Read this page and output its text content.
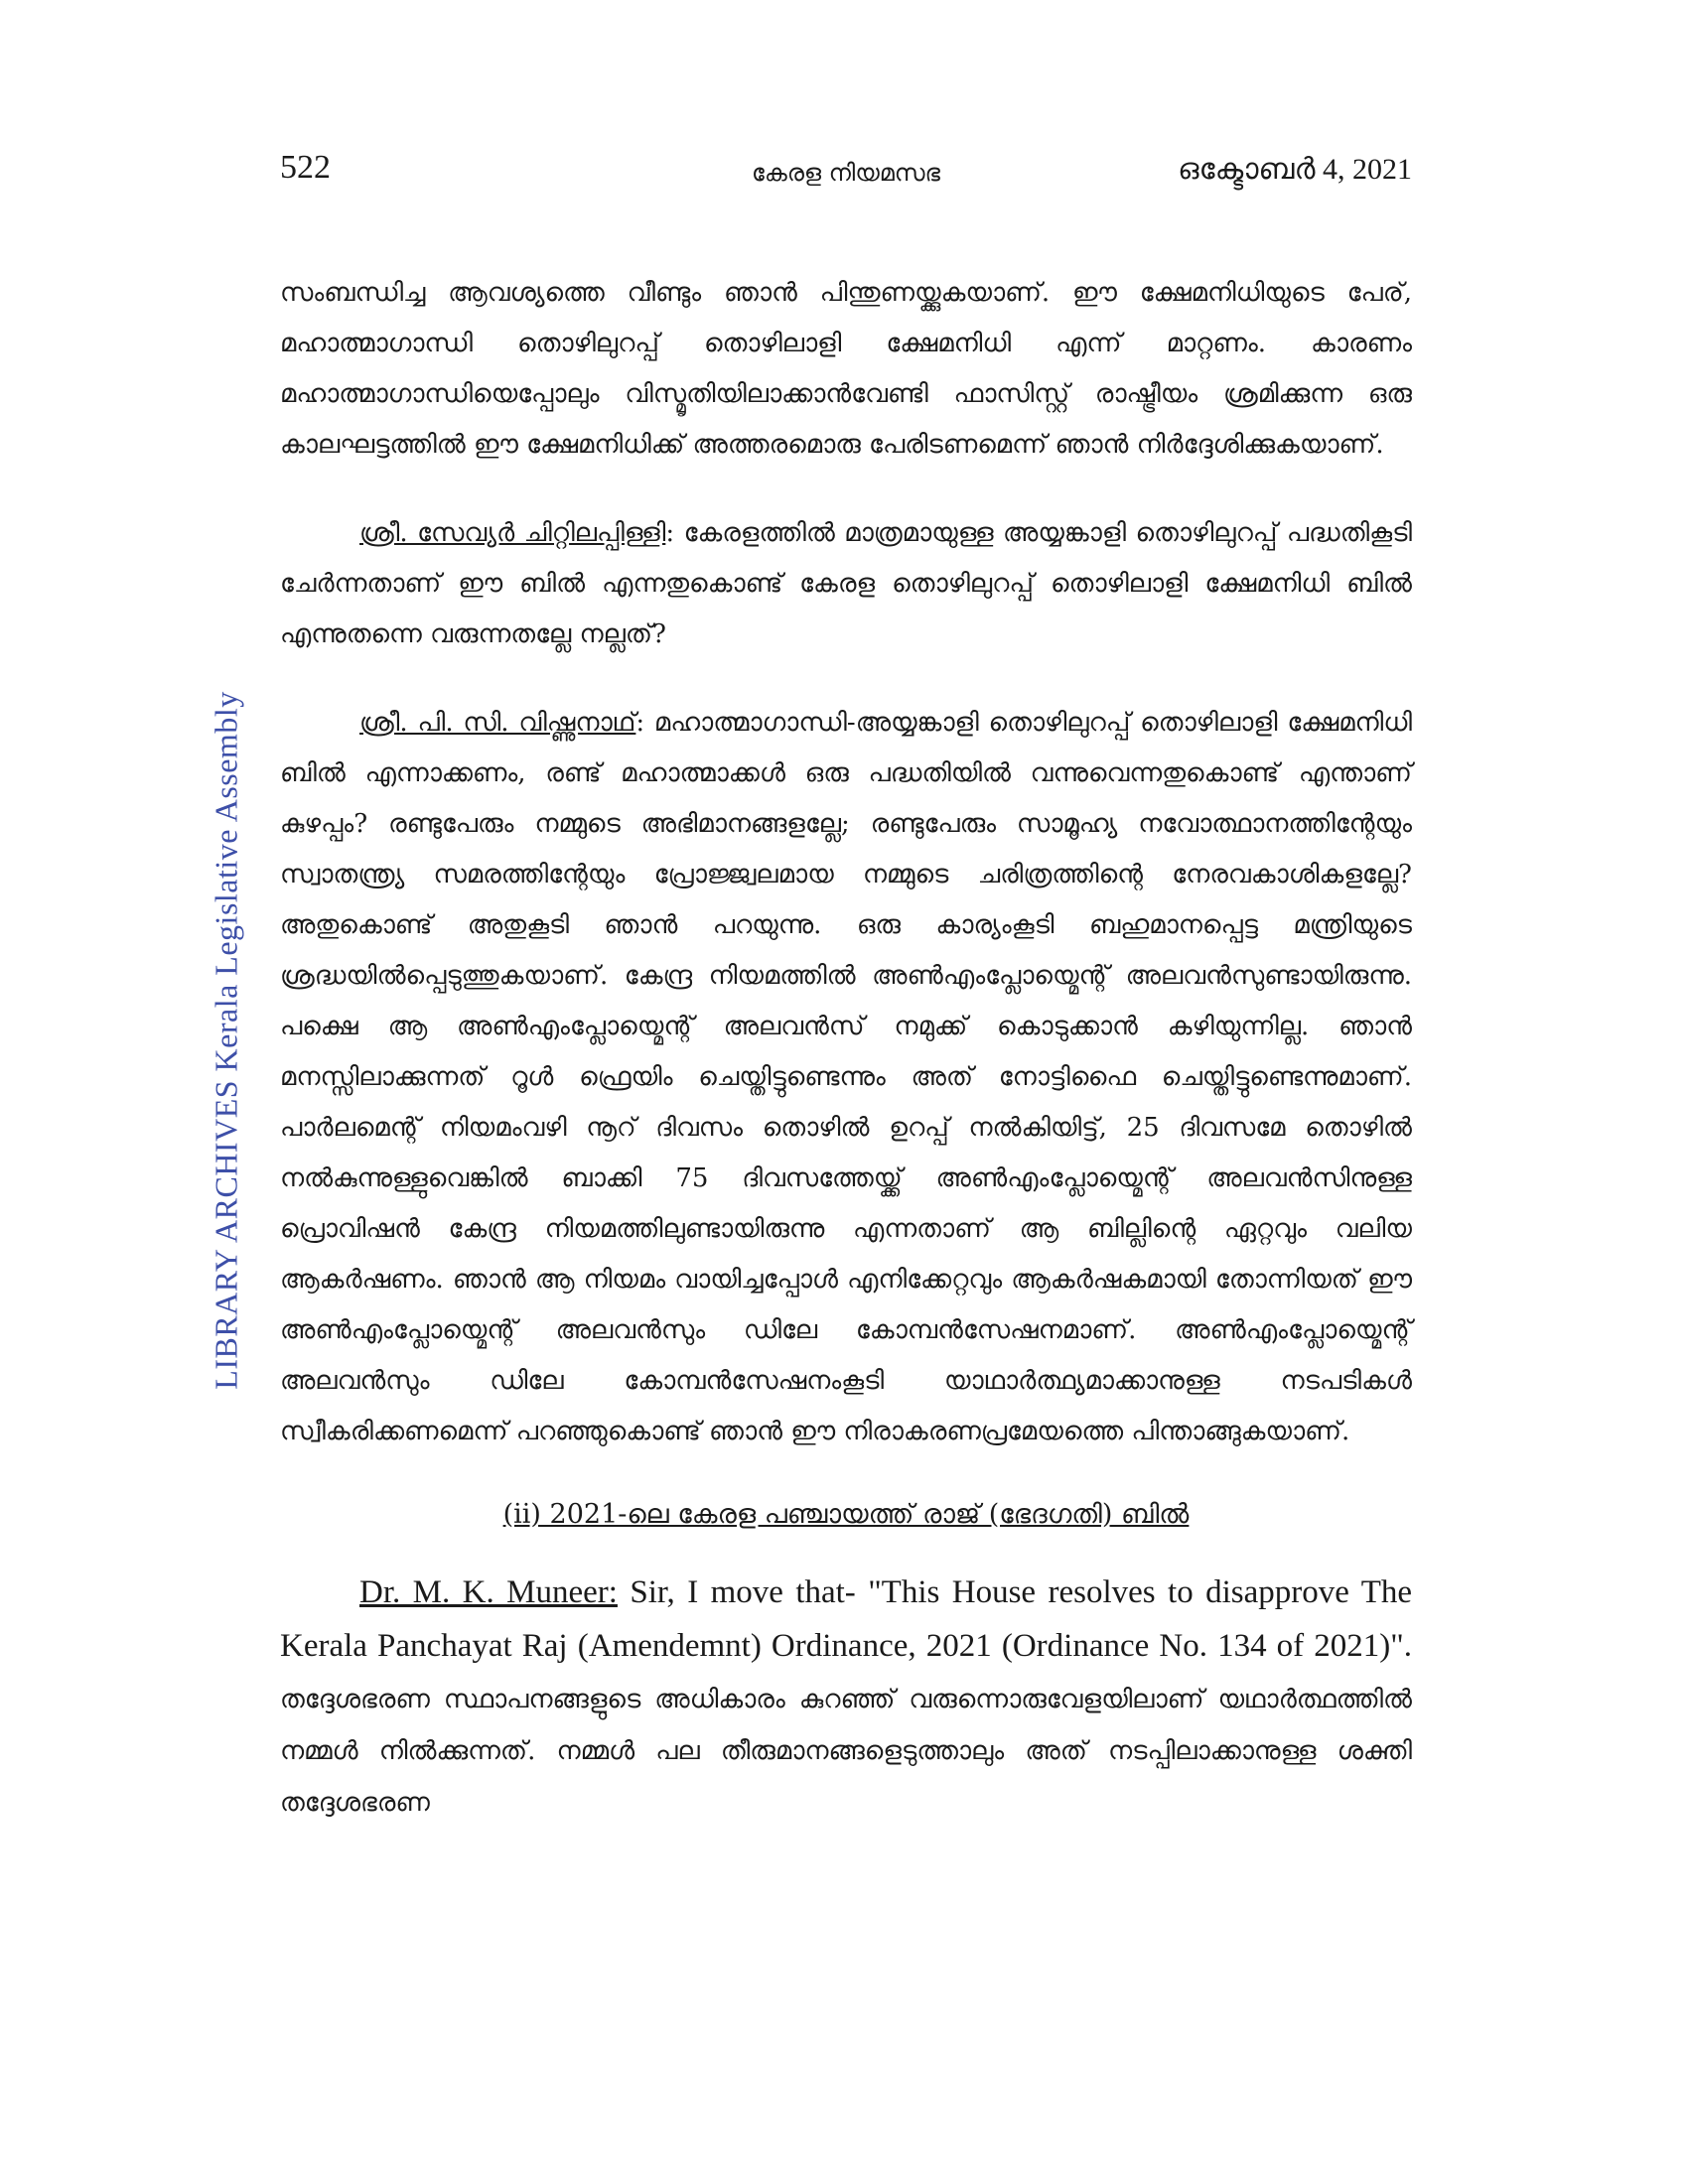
522	കേരള നിയമസഭ	ഒക്ടോബർ 4, 2021
LIBRARY ARCHIVES Kerala Legislative Assembly

സംബന്ധിച്ച ആവശ്യത്തെ വീണ്ടും ഞാൻ പിന്തുണയ്ക്കുകയാണ്. ഈ ക്ഷേമനിധിയുടെ പേര്, മഹാത്മാഗാന്ധി തൊഴിലുറപ്പ് തൊഴിലാളി ക്ഷേമനിധി എന്ന് മാറ്റണം. കാരണം മഹാത്മാഗാന്ധിയെപ്പോലും വിസ്മൃതിയിലാക്കാൻവേണ്ടി ഫാസിസ്റ്റ് രാഷ്ട്രീയം ശ്രമിക്കുന്ന ഒരു കാലഘട്ടത്തിൽ ഈ ക്ഷേമനിധിക്ക് അത്തരമൊരു പേരിടണമെന്ന് ഞാൻ നിർദ്ദേശിക്കുകയാണ്.

ശ്രീ. സേവ്യർ ചിറ്റിലപ്പിള്ളി: കേരളത്തിൽ മാത്രമായുള്ള അയ്യങ്കാളി തൊഴിലുറപ്പ് പദ്ധതികൂടി ചേർന്നതാണ് ഈ ബിൽ എന്നതുകൊണ്ട് കേരള തൊഴിലുറപ്പ് തൊഴിലാളി ക്ഷേമനിധി ബിൽ എന്നുതന്നെ വരുന്നതല്ലേ നല്ലത്?

ശ്രീ. പി. സി. വിഷ്ണുനാഥ്: മഹാത്മാഗാന്ധി-അയ്യങ്കാളി തൊഴിലുറപ്പ് തൊഴിലാളി ക്ഷേമനിധി ബിൽ എന്നാക്കണം, രണ്ട് മഹാത്മാക്കൾ ഒരു പദ്ധതിയിൽ വന്നുവെന്നതുകൊണ്ട് എന്താണ് കുഴപ്പം? രണ്ടുപേരും നമ്മുടെ അഭിമാനങ്ങളല്ലേ; രണ്ടുപേരും സാമൂഹ്യ നവോത്ഥാനത്തിന്റേയും സ്വാതന്ത്ര്യ സമരത്തിന്റേയും പ്രോജ്ജ്വലമായ നമ്മുടെ ചരിത്രത്തിന്റെ നേരവകാശികളല്ലേ? അതുകൊണ്ട് അതുകൂടി ഞാൻ പറയുന്നു. ഒരു കാര്യംകൂടി ബഹുമാനപ്പെട്ട മന്ത്രിയുടെ ശ്രദ്ധയിൽപ്പെടുത്തുകയാണ്. കേന്ദ്ര നിയമത്തിൽ അൺഎംപ്ലോയ്മെന്റ് അലവൻസുണ്ടായിരുന്നു. പക്ഷെ ആ അൺഎംപ്ലോയ്മെന്റ് അലവൻസ് നമുക്ക് കൊടുക്കാൻ കഴിയുന്നില്ല. ഞാൻ മനസ്സിലാക്കുന്നത് റൂൾ ഫ്രെയിം ചെയ്തിട്ടുണ്ടെന്നും അത് നോട്ടിഫൈ ചെയ്തിട്ടുണ്ടെന്നുമാണ്. പാർലമെന്റ് നിയമംവഴി നൂറ് ദിവസം തൊഴിൽ ഉറപ്പ് നൽകിയിട്ട്, 25 ദിവസമേ തൊഴിൽ നൽകുന്നുള്ളുവെങ്കിൽ ബാക്കി 75 ദിവസത്തേയ്ക്ക് അൺഎംപ്ലോയ്മെന്റ് അലവൻസിനുള്ള പ്രൊവിഷൻ കേന്ദ്ര നിയമത്തിലുണ്ടായിരുന്നു എന്നതാണ് ആ ബില്ലിന്റെ ഏറ്റവും വലിയ ആകർഷണം. ഞാൻ ആ നിയമം വായിച്ചപ്പോൾ എനിക്കേറ്റവും ആകർഷകമായി തോന്നിയത് ഈ അൺഎംപ്ലോയ്മെന്റ് അലവൻസും ഡിലേ കോമ്പൻസേഷനമാണ്. അൺഎംപ്ലോയ്മെന്റ് അലവൻസും ഡിലേ കോമ്പൻസേഷനംകൂടി യാഥാർത്ഥ്യമാക്കാനുള്ള നടപടികൾ സ്വീകരിക്കണമെന്ന് പറഞ്ഞുകൊണ്ട് ഞാൻ ഈ നിരാകരണപ്രമേയത്തെ പിന്താങ്ങുകയാണ്.

(ii) 2021-ലെ കേരള പഞ്ചായത്ത് രാജ് (ഭേദഗതി) ബിൽ

Dr. M. K. Muneer: Sir, I move that- "This House resolves to disapprove The Kerala Panchayat Raj (Amendemnt) Ordinance, 2021 (Ordinance No. 134 of 2021)". തദ്ദേശഭരണ സ്ഥാപനങ്ങളുടെ അധികാരം കുറഞ്ഞ് വരുന്നൊരുവേളയിലാണ് യഥാർത്ഥത്തിൽ നമ്മൾ നിൽക്കുന്നത്. നമ്മൾ പല തീരുമാനങ്ങളെടുത്താലും അത് നടപ്പിലാക്കാനുള്ള ശക്തി തദ്ദേശഭരണ
